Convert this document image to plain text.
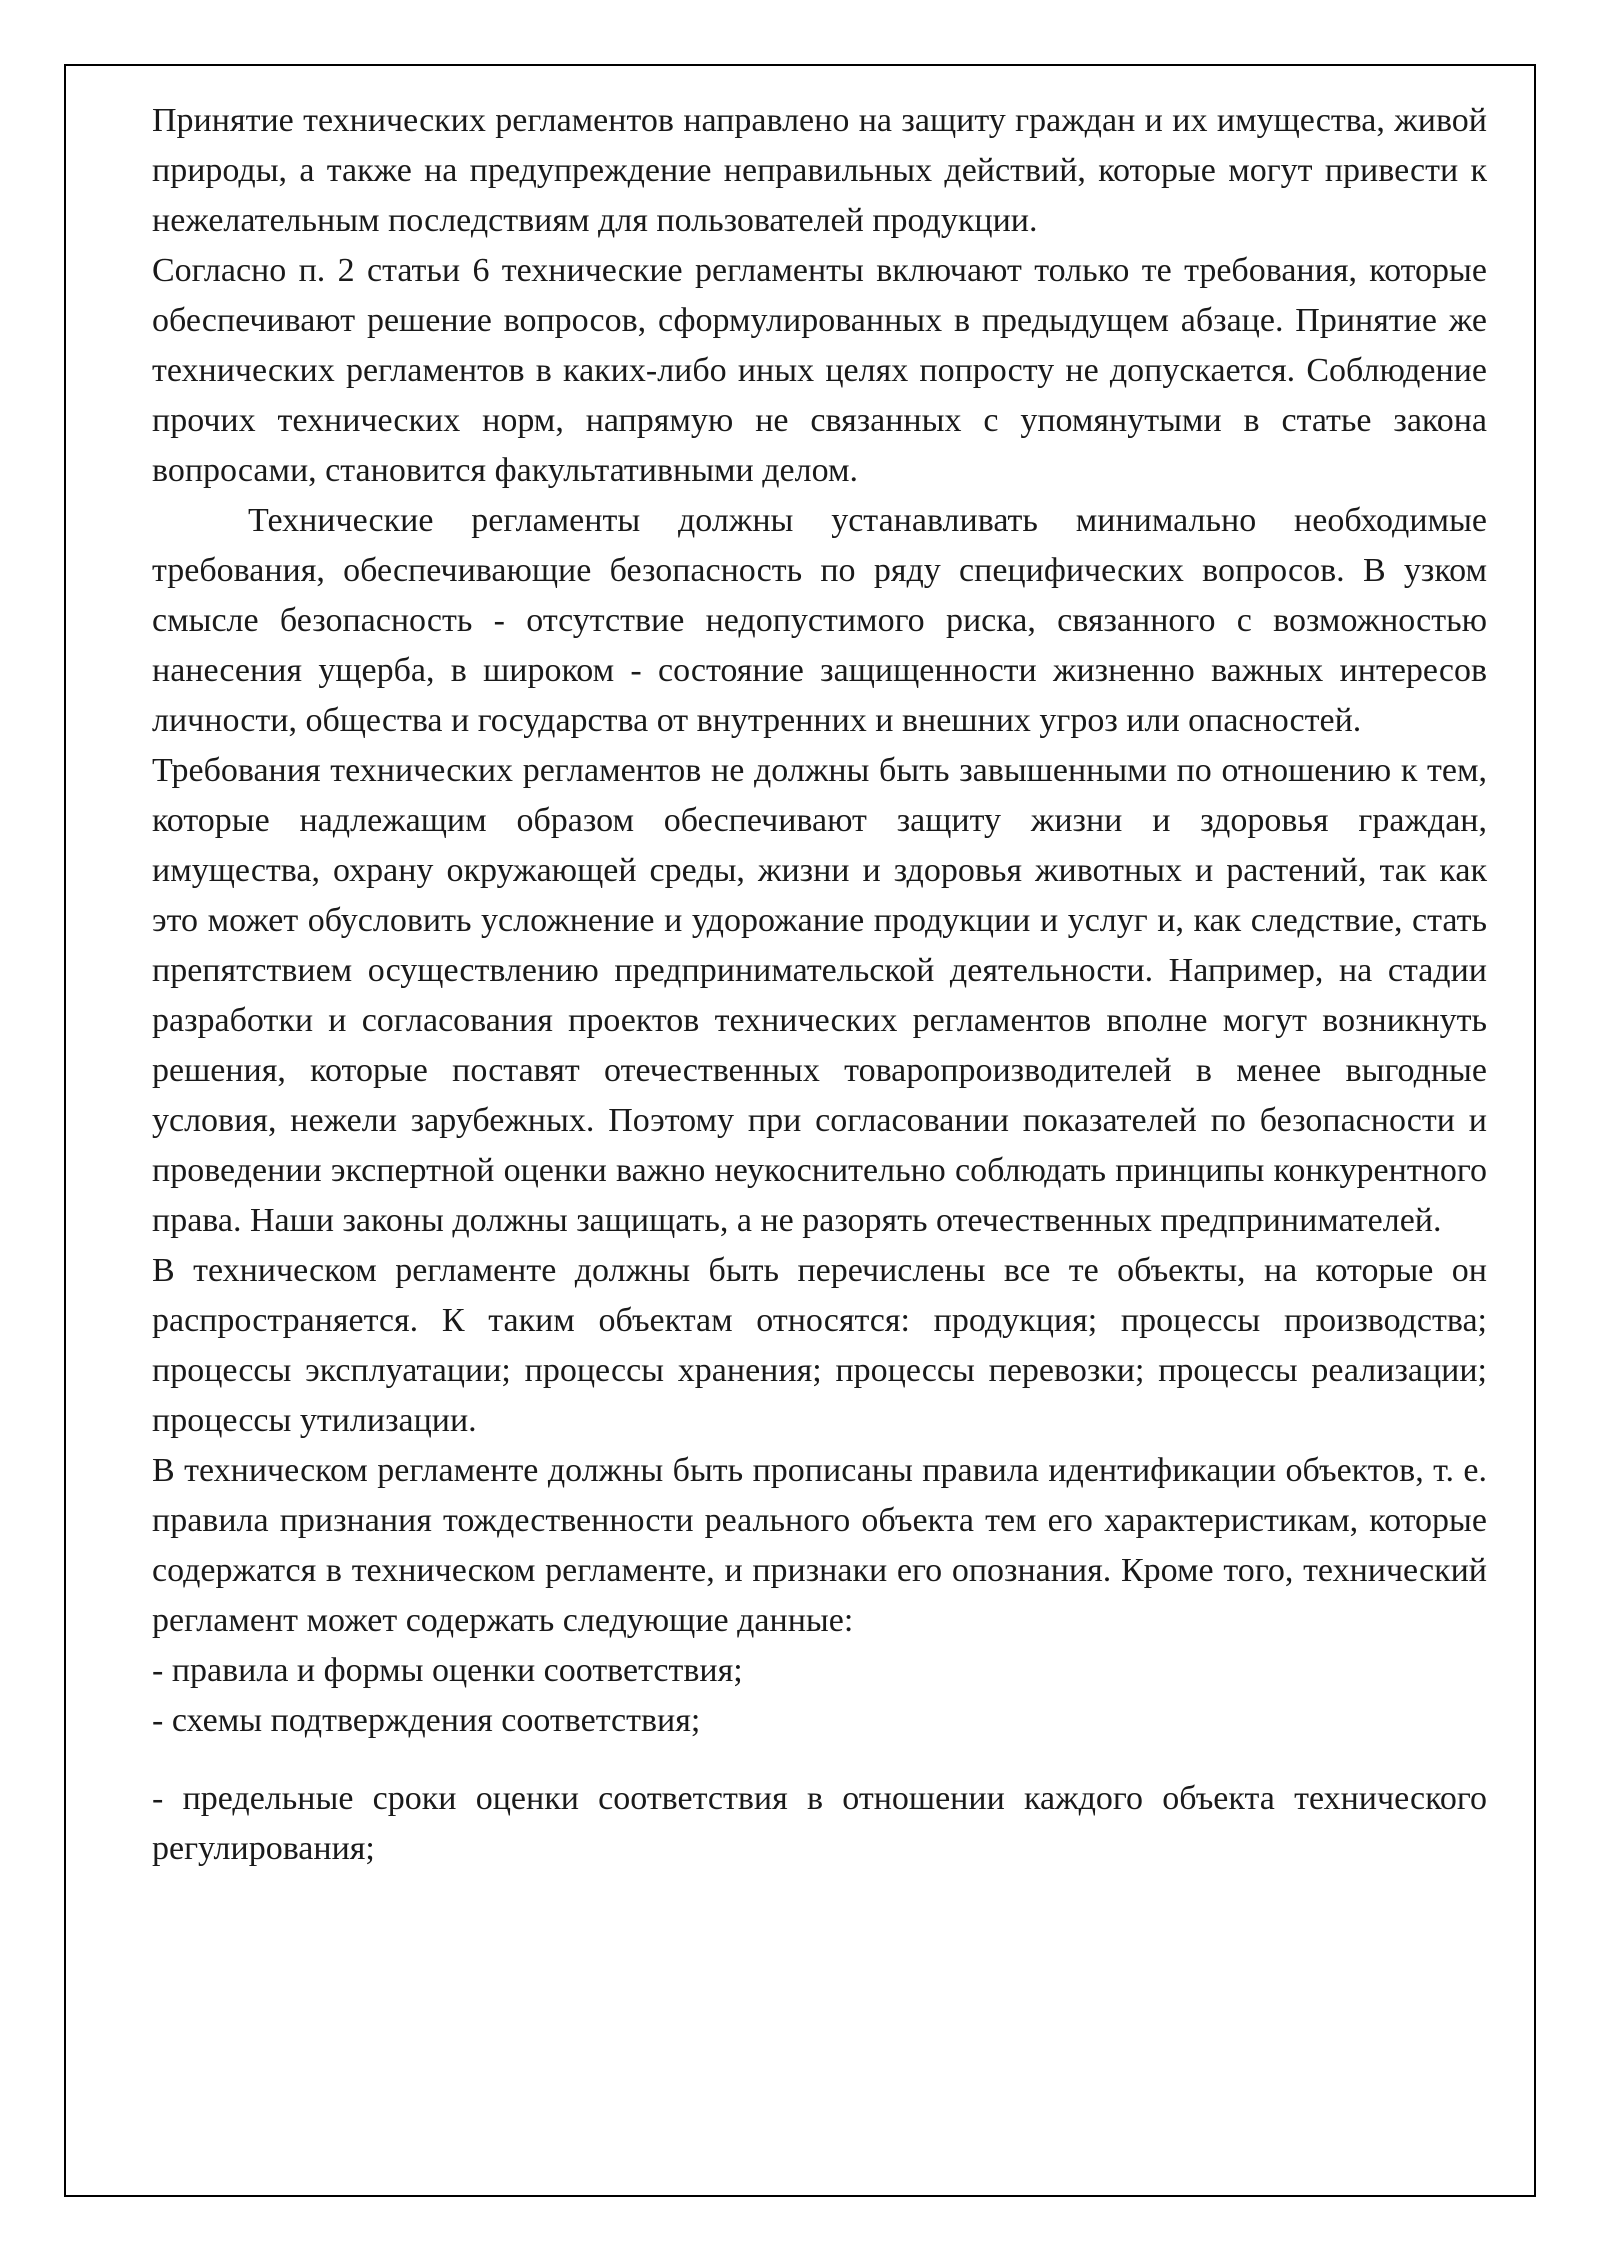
Принятие технических регламентов направлено на защиту граждан и их имущества, живой природы, а также на предупреждение неправильных действий, которые могут привести к нежелательным последствиям для пользователей продукции.

Согласно п. 2 статьи 6 технические регламенты включают только те требования, которые обеспечивают решение вопросов, сформулированных в предыдущем абзаце. Принятие же технических регламентов в каких-либо иных целях попросту не допускается. Соблюдение прочих технических норм, напрямую не связанных с упомянутыми в статье закона вопросами, становится факультативными делом.

Технические регламенты должны устанавливать минимально необходимые требования, обеспечивающие безопасность по ряду специфических вопросов. В узком смысле безопасность - отсутствие недопустимого риска, связанного с возможностью нанесения ущерба, в широком - состояние защищенности жизненно важных интересов личности, общества и государства от внутренних и внешних угроз или опасностей.

Требования технических регламентов не должны быть завышенными по отношению к тем, которые надлежащим образом обеспечивают защиту жизни и здоровья граждан, имущества, охрану окружающей среды, жизни и здоровья животных и растений, так как это может обусловить усложнение и удорожание продукции и услуг и, как следствие, стать препятствием осуществлению предпринимательской деятельности. Например, на стадии разработки и согласования проектов технических регламентов вполне могут возникнуть решения, которые поставят отечественных товаропроизводителей в менее выгодные условия, нежели зарубежных. Поэтому при согласовании показателей по безопасности и проведении экспертной оценки важно неукоснительно соблюдать принципы конкурентного права. Наши законы должны защищать, а не разорять отечественных предпринимателей.

В техническом регламенте должны быть перечислены все те объекты, на которые он распространяется. К таким объектам относятся: продукция; процессы производства; процессы эксплуатации; процессы хранения; процессы перевозки; процессы реализации; процессы утилизации.

В техническом регламенте должны быть прописаны правила идентификации объектов, т. е. правила признания тождественности реального объекта тем его характеристикам, которые содержатся в техническом регламенте, и признаки его опознания. Кроме того, технический регламент может содержать следующие данные:

- правила и формы оценки соответствия;

- схемы подтверждения соответствия;

- предельные сроки оценки соответствия в отношении каждого объекта технического регулирования;
